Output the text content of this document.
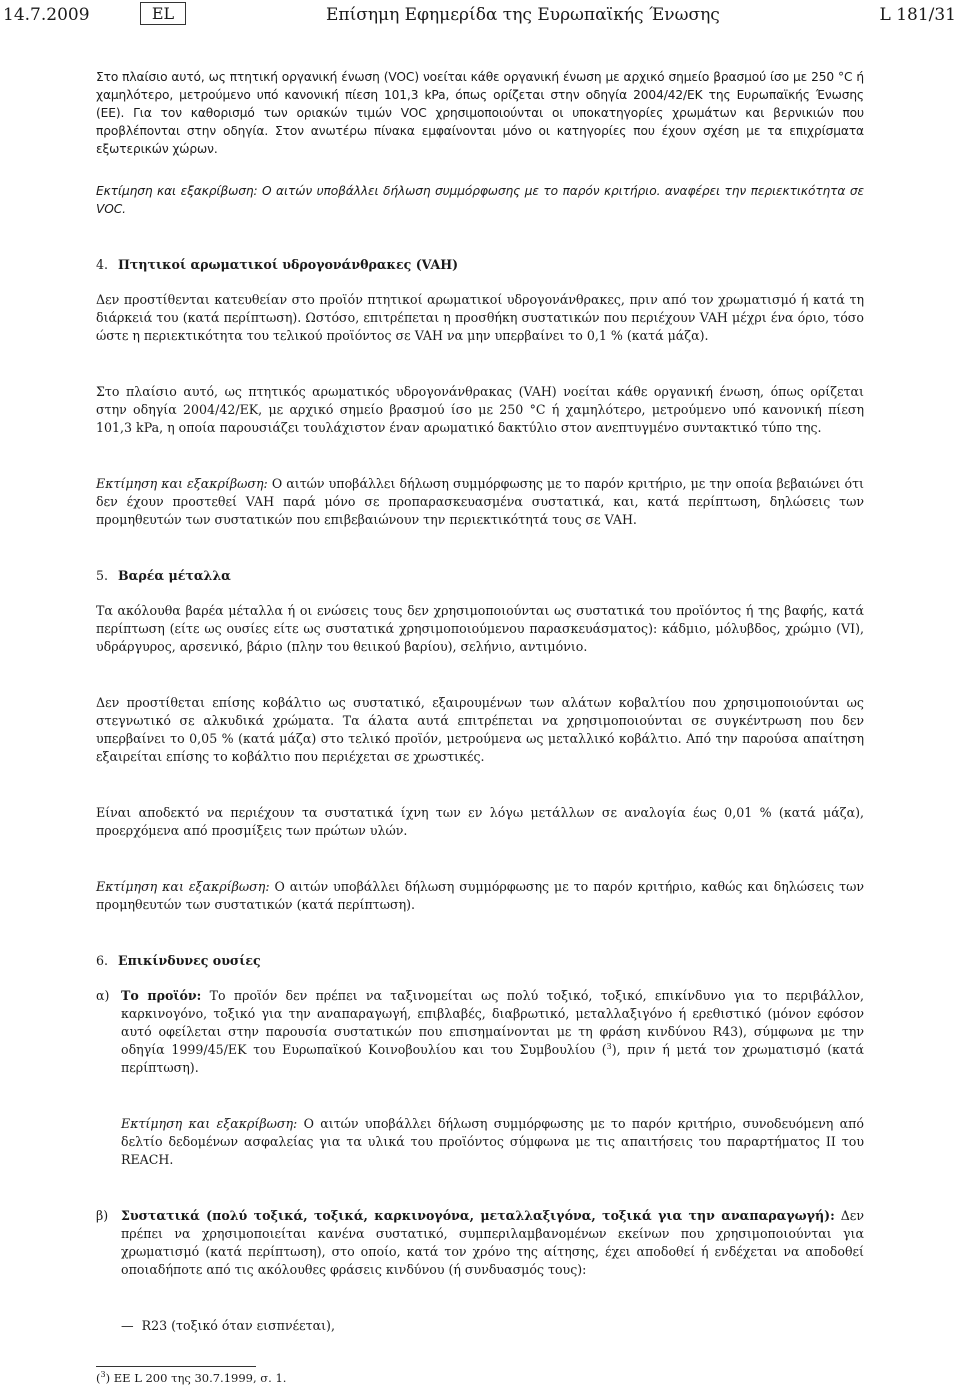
14.7.2009	EL	Επίσημη Εφημερίδα της Ευρωπαϊκής Ένωσης	L 181/31

Στο πλαίσιο αυτό, ως πτητική οργανική ένωση (VOC) νοείται κάθε οργανική ένωση με αρχικό σημείο βρασμού ίσο με 250 °C ή χαμηλότερο, μετρούμενο υπό κανονική πίεση 101,3 kPa, όπως ορίζεται στην οδηγία 2004/42/ΕΚ της Ευρωπαϊκής Ένωσης (ΕΕ). Για τον καθορισμό των οριακών τιμών VOC χρησιμοποιούνται οι υποκατηγορίες χρωμάτων και βερνικιών που προβλέπονται στην οδηγία. Στον ανωτέρω πίνακα εμφαίνονται μόνο οι κατηγορίες που έχουν σχέση με τα επιχρίσματα εξωτερικών χώρων.

Εκτίμηση και εξακρίβωση: Ο αιτών υποβάλλει δήλωση συμμόρφωσης με το παρόν κριτήριο. αναφέρει την περιεκτικότητα σε VOC.

4. Πτητικοί αρωματικοί υδρογονάνθρακες (VAH)

Δεν προστίθενται κατευθείαν στο προϊόν πτητικοί αρωματικοί υδρογονάνθρακες, πριν από τον χρωματισμό ή κατά τη διάρκειά του (κατά περίπτωση). Ωστόσο, επιτρέπεται η προσθήκη συστατικών που περιέχουν VAH μέχρι ένα όριο, τόσο ώστε η περιεκτικότητα του τελικού προϊόντος σε VAH να μην υπερβαίνει το 0,1 % (κατά μάζα).

Στο πλαίσιο αυτό, ως πτητικός αρωματικός υδρογονάνθρακας (VAH) νοείται κάθε οργανική ένωση, όπως ορίζεται στην οδηγία 2004/42/ΕΚ, με αρχικό σημείο βρασμού ίσο με 250 °C ή χαμηλότερο, μετρούμενο υπό κανονική πίεση 101,3 kPa, η οποία παρουσιάζει τουλάχιστον έναν αρωματικό δακτύλιο στον ανεπτυγμένο συντακτικό τύπο της.

Εκτίμηση και εξακρίβωση: Ο αιτών υποβάλλει δήλωση συμμόρφωσης με το παρόν κριτήριο, με την οποία βεβαιώνει ότι δεν έχουν προστεθεί VAH παρά μόνο σε προπαρασκευασμένα συστατικά, και, κατά περίπτωση, δηλώσεις των προμηθευτών των συστατικών που επιβεβαιώνουν την περιεκτικότητά τους σε VAH.

5. Βαρέα μέταλλα

Τα ακόλουθα βαρέα μέταλλα ή οι ενώσεις τους δεν χρησιμοποιούνται ως συστατικά του προϊόντος ή της βαφής, κατά περίπτωση (είτε ως ουσίες είτε ως συστατικά χρησιμοποιούμενου παρασκευάσματος): κάδμιο, μόλυβδος, χρώμιο (VI), υδράργυρος, αρσενικό, βάριο (πλην του θειικού βαρίου), σελήνιο, αντιμόνιο.

Δεν προστίθεται επίσης κοβάλτιο ως συστατικό, εξαιρουμένων των αλάτων κοβαλτίου που χρησιμοποιούνται ως στεγνωτικό σε αλκυδικά χρώματα. Τα άλατα αυτά επιτρέπεται να χρησιμοποιούνται σε συγκέντρωση που δεν υπερβαίνει το 0,05 % (κατά μάζα) στο τελικό προϊόν, μετρούμενα ως μεταλλικό κοβάλτιο. Από την παρούσα απαίτηση εξαιρείται επίσης το κοβάλτιο που περιέχεται σε χρωστικές.

Είναι αποδεκτό να περιέχουν τα συστατικά ίχνη των εν λόγω μετάλλων σε αναλογία έως 0,01 % (κατά μάζα), προερχόμενα από προσμίξεις των πρώτων υλών.

Εκτίμηση και εξακρίβωση: Ο αιτών υποβάλλει δήλωση συμμόρφωσης με το παρόν κριτήριο, καθώς και δηλώσεις των προμηθευτών των συστατικών (κατά περίπτωση).

6. Επικίνδυνες ουσίες
α) Το προϊόν: Το προϊόν δεν πρέπει να ταξινομείται ως πολύ τοξικό, τοξικό, επικίνδυνο για το περιβάλλον, καρκινογόνο, τοξικό για την αναπαραγωγή, επιβλαβές, διαβρωτικό, μεταλλαξιγόνο ή ερεθιστικό (μόνον εφόσον αυτό οφείλεται στην παρουσία συστατικών που επισημαίνονται με τη φράση κινδύνου R43), σύμφωνα με την οδηγία 1999/45/ΕΚ του Ευρωπαϊκού Κοινοβουλίου και του Συμβουλίου ($^3$), πριν ή μετά τον χρωματισμό (κατά περίπτωση).

Εκτίμηση και εξακρίβωση: Ο αιτών υποβάλλει δήλωση συμμόρφωσης με το παρόν κριτήριο, συνοδευόμενη από δελτίο δεδομένων ασφαλείας για τα υλικά του προϊόντος σύμφωνα με τις απαιτήσεις του παραρτήματος II του REACH.

β) Συστατικά (πολύ τοξικά, τοξικά, καρκινογόνα, μεταλλαξιγόνα, τοξικά για την αναπαραγωγή): Δεν πρέπει να χρησιμοποιείται κανένα συστατικό, συμπεριλαμβανομένων εκείνων που χρησιμοποιούνται για χρωματισμό (κατά περίπτωση), στο οποίο, κατά τον χρόνο της αίτησης, έχει αποδοθεί ή ενδέχεται να αποδοθεί οποιαδήποτε από τις ακόλουθες φράσεις κινδύνου (ή συνδυασμός τους):

— R23 (τοξικό όταν εισπνέεται),
($^3$) ΕΕ L 200 της 30.7.1999, σ. 1.
